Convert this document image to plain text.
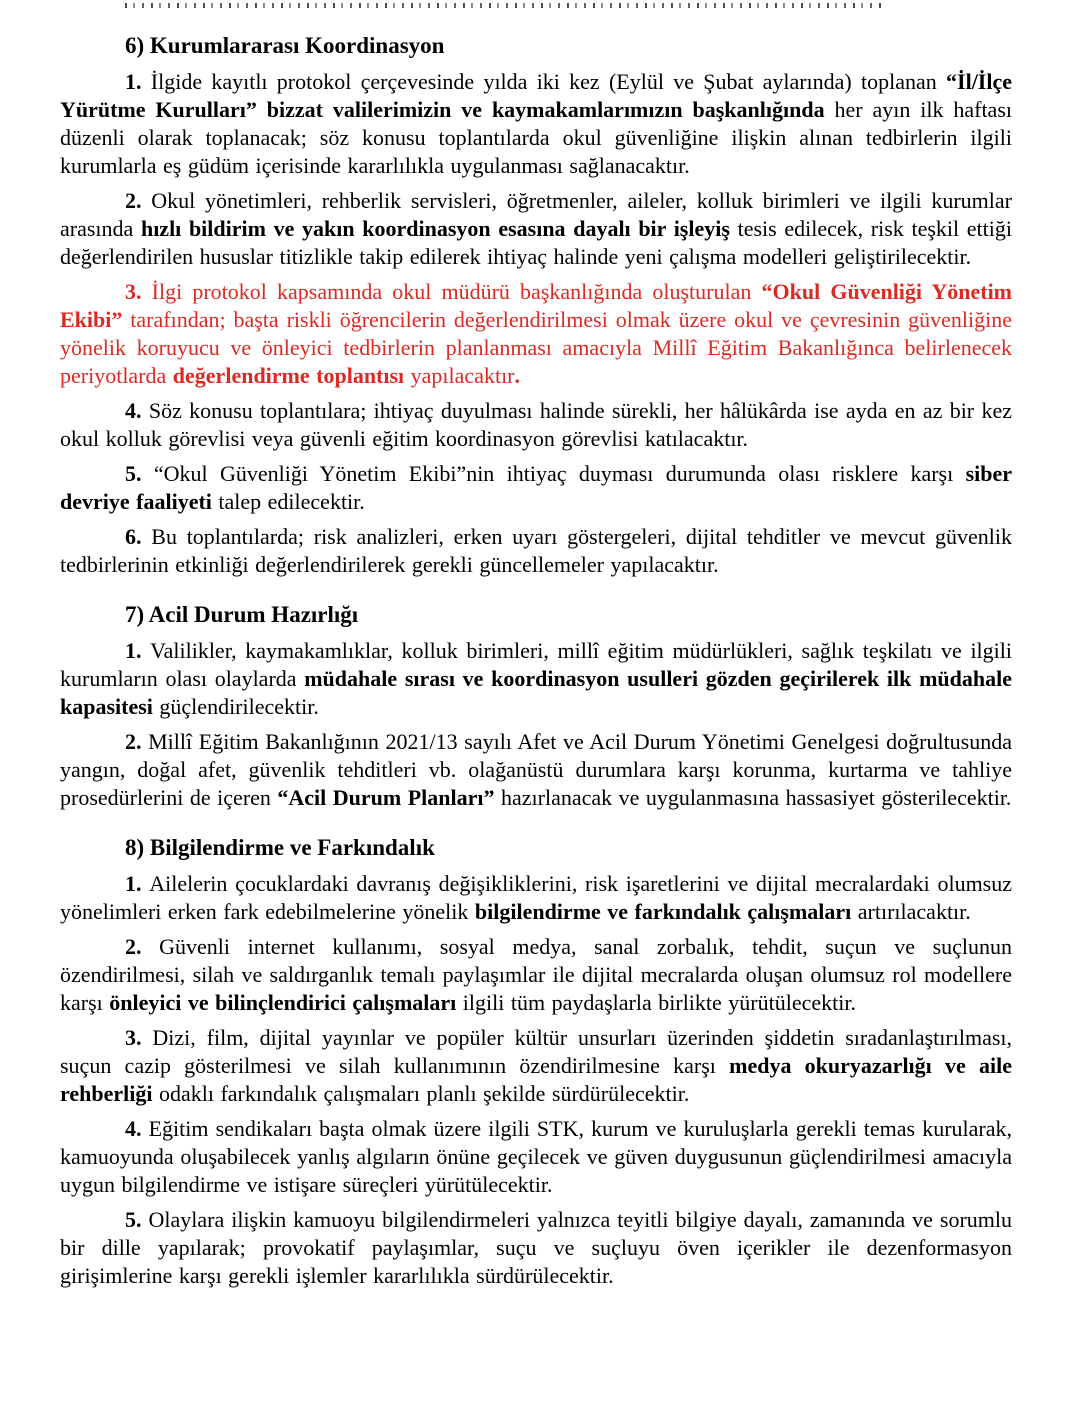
6) Kurumlararası Koordinasyon

1. İlgide kayıtlı protokol çerçevesinde yılda iki kez (Eylül ve Şubat aylarında) toplanan “İl/İlçe Yürütme Kurulları” bizzat valilerimizin ve kaymakamlarımızın başkanlığında her ayın ilk haftası düzenli olarak toplanacak; söz konusu toplantılarda okul güvenliğine ilişkin alınan tedbirlerin ilgili kurumlarla eş güdüm içerisinde kararlılıkla uygulanması sağlanacaktır.

2. Okul yönetimleri, rehberlik servisleri, öğretmenler, aileler, kolluk birimleri ve ilgili kurumlar arasında hızlı bildirim ve yakın koordinasyon esasına dayalı bir işleyiş tesis edilecek, risk teşkil ettiği değerlendirilen hususlar titizlikle takip edilerek ihtiyaç halinde yeni çalışma modelleri geliştirilecektir.

3. İlgi protokol kapsamında okul müdürü başkanlığında oluşturulan “Okul Güvenliği Yönetim Ekibi” tarafından; başta riskli öğrencilerin değerlendirilmesi olmak üzere okul ve çevresinin güvenliğine yönelik koruyucu ve önleyici tedbirlerin planlanması amacıyla Millî Eğitim Bakanlığınca belirlenecek periyotlarda değerlendirme toplantısı yapılacaktır.

4. Söz konusu toplantılara; ihtiyaç duyulması halinde sürekli, her hâlükârda ise ayda en az bir kez okul kolluk görevlisi veya güvenli eğitim koordinasyon görevlisi katılacaktır.

5. “Okul Güvenliği Yönetim Ekibi”nin ihtiyaç duyması durumunda olası risklere karşı siber devriye faaliyeti talep edilecektir.

6. Bu toplantılarda; risk analizleri, erken uyarı göstergeleri, dijital tehditler ve mevcut güvenlik tedbirlerinin etkinliği değerlendirilerek gerekli güncellemeler yapılacaktır.

7) Acil Durum Hazırlığı

1. Valilikler, kaymakamlıklar, kolluk birimleri, millî eğitim müdürlükleri, sağlık teşkilatı ve ilgili kurumların olası olaylarda müdahale sırası ve koordinasyon usulleri gözden geçirilerek ilk müdahale kapasitesi güçlendirilecektir.

2. Millî Eğitim Bakanlığının 2021/13 sayılı Afet ve Acil Durum Yönetimi Genelgesi doğrultusunda yangın, doğal afet, güvenlik tehditleri vb. olağanüstü durumlara karşı korunma, kurtarma ve tahliye prosedürlerini de içeren “Acil Durum Planları” hazırlanacak ve uygulanmasına hassasiyet gösterilecektir.

8) Bilgilendirme ve Farkındalık

1. Ailelerin çocuklardaki davranış değişikliklerini, risk işaretlerini ve dijital mecralardaki olumsuz yönelimleri erken fark edebilmelerine yönelik bilgilendirme ve farkındalık çalışmaları artırılacaktır.

2. Güvenli internet kullanımı, sosyal medya, sanal zorbalık, tehdit, suçun ve suçlunun özendirilmesi, silah ve saldırganlık temalı paylaşımlar ile dijital mecralarda oluşan olumsuz rol modellere karşı önleyici ve bilinçlendirici çalışmaları ilgili tüm paydaşlarla birlikte yürütülecektir.

3. Dizi, film, dijital yayınlar ve popüler kültür unsurları üzerinden şiddetin sıradanlaştırılması, suçun cazip gösterilmesi ve silah kullanımının özendirilmesine karşı medya okuryazarlığı ve aile rehberliği odaklı farkındalık çalışmaları planlı şekilde sürdürülecektir.

4. Eğitim sendikaları başta olmak üzere ilgili STK, kurum ve kuruluşlarla gerekli temas kurularak, kamuoyunda oluşabilecek yanlış algıların önüne geçilecek ve güven duygusunun güçlendirilmesi amacıyla uygun bilgilendirme ve istişare süreçleri yürütülecektir.

5. Olaylara ilişkin kamuoyu bilgilendirmeleri yalnızca teyitli bilgiye dayalı, zamanında ve sorumlu bir dille yapılarak; provokatif paylaşımlar, suçu ve suçluyu öven içerikler ile dezenformasyon girişimlerine karşı gerekli işlemler kararlılıkla sürdürülecektir.
